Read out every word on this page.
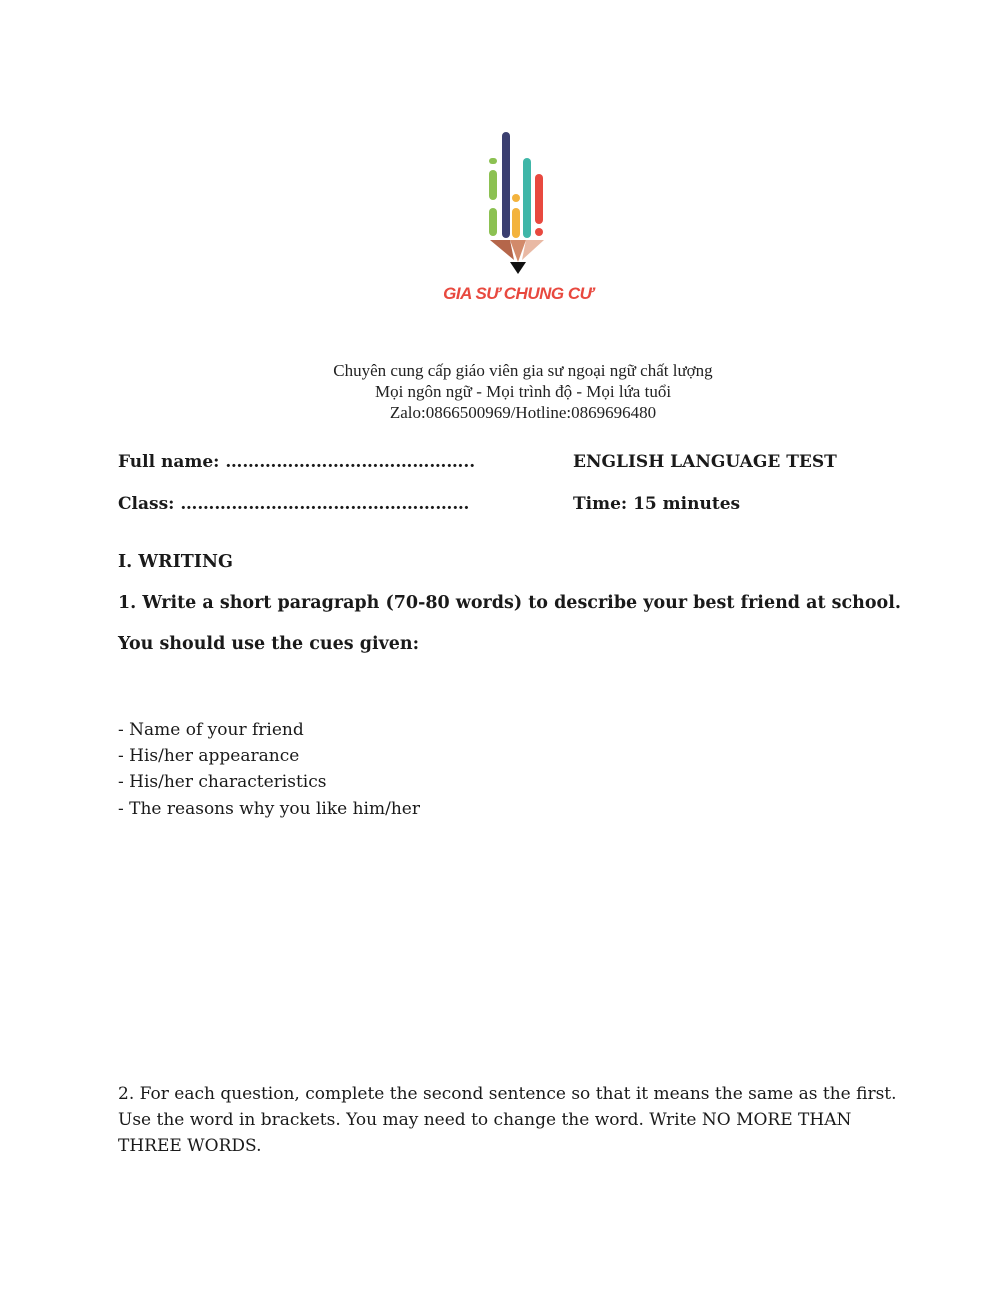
GIA SƯ CHUNG CƯ
Chuyên cung cấp giáo viên gia sư ngoại ngữ chất lượng
Mọi ngôn ngữ - Mọi trình độ - Mọi lứa tuổi
Zalo:0866500969/Hotline:0869696480
Full name: ……………………………………..	ENGLISH LANGUAGE TEST
Class: ……………………………………………	Time: 15 minutes
I. WRITING
1. Write a short paragraph (70-80 words) to describe your best friend at school.
You should use the cues given:
- Name of your friend
- His/her appearance
- His/her characteristics
- The reasons why you like him/her
2. For each question, complete the second sentence so that it means the same as the first. Use the word in brackets. You may need to change the word. Write NO MORE THAN THREE WORDS.
